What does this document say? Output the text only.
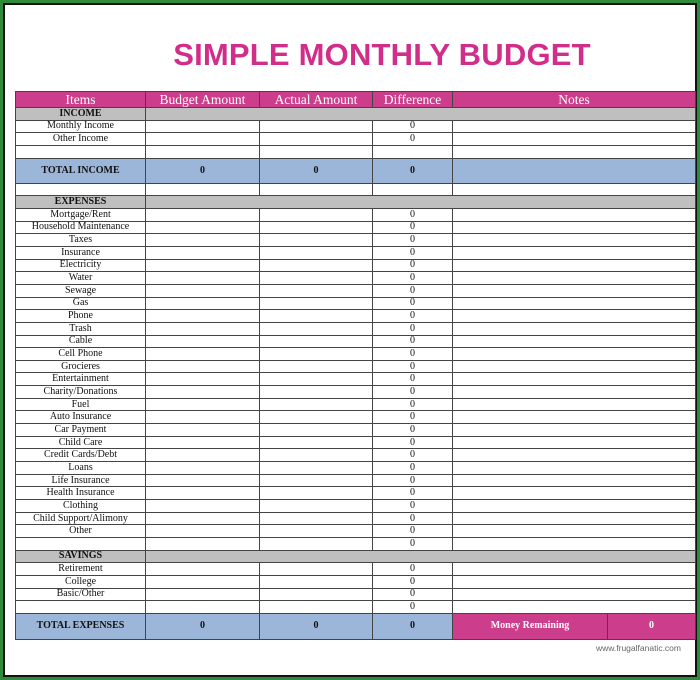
SIMPLE MONTHLY BUDGET
Items	Budget Amount	Actual Amount	Difference	Notes
INCOME				
Monthly Income			0	
Other Income			0	

TOTAL INCOME	0	0	0	

EXPENSES				
Mortgage/Rent			0	
Household Maintenance			0	
Taxes			0	
Insurance			0	
Electricity			0	
Water			0	
Sewage			0	
Gas			0	
Phone			0	
Trash			0	
Cable			0	
Cell Phone			0	
Grocieres			0	
Entertainment			0	
Charity/Donations			0	
Fuel			0	
Auto Insurance			0	
Car Payment			0	
Child Care			0	
Credit Cards/Debt			0	
Loans			0	
Life Insurance			0	
Health Insurance			0	
Clothing			0	
Child Support/Alimony			0	
Other			0	
			0	
SAVINGS				
Retirement			0	
College			0	
Basic/Other			0	
			0	
TOTAL EXPENSES	0	0	0	Money Remaining 0
www.frugalfanatic.com
